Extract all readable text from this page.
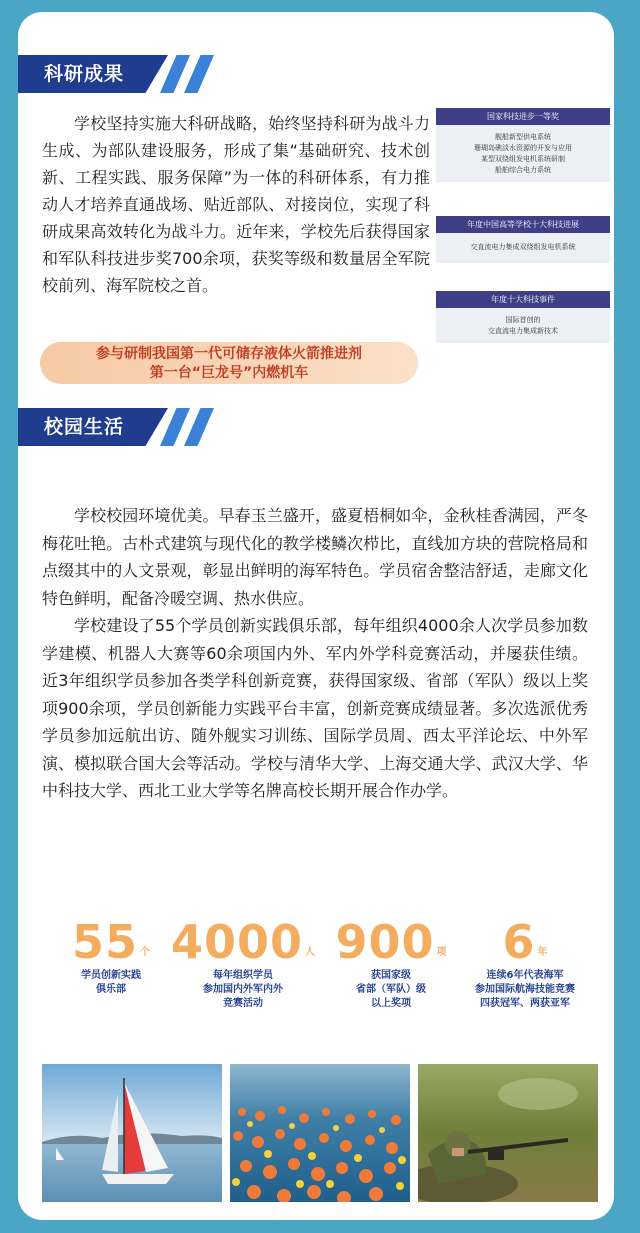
科研成果

学校坚持实施大科研战略，始终坚持科研为战斗力生成、为部队建设服务，形成了集“基础研究、技术创新、工程实践、服务保障”为一体的科研体系，有力推动人才培养直通战场、贴近部队、对接岗位，实现了科研成果高效转化为战斗力。近年来，学校先后获得国家和军队科技进步奖700余项，获奖等级和数量居全军院校前列、海军院校之首。

参与研制我国第一代可储存液体火箭推进剂
第一台“巨龙号”内燃机车
国家科技进步一等奖
舰船新型供电系统
珊瑚岛礁淡水资源的开发与应用
某型双绕组发电机系统研制
船舶综合电力系统
年度中国高等学校十大科技进展
交直流电力集成双绕组发电机系统
年度十大科技事件
国际首创的
交直流电力集成新技术
校园生活

学校校园环境优美。早春玉兰盛开，盛夏梧桐如伞，金秋桂香满园，严冬梅花吐艳。古朴式建筑与现代化的教学楼鳞次栉比，直线加方块的营院格局和点缀其中的人文景观，彰显出鲜明的海军特色。学员宿舍整洁舒适，走廊文化特色鲜明，配备冷暖空调、热水供应。

学校建设了55个学员创新实践俱乐部，每年组织4000余人次学员参加数学建模、机器人大赛等60余项国内外、军内外学科竞赛活动，并屡获佳绩。近3年组织学员参加各类学科创新竞赛，获得国家级、省部（军队）级以上奖项900余项，学员创新能力实践平台丰富，创新竞赛成绩显著。多次选派优秀学员参加远航出访、随外舰实习训练、国际学员周、西太平洋论坛、中外军演、模拟联合国大会等活动。学校与清华大学、上海交通大学、武汉大学、华中科技大学、西北工业大学等名牌高校长期开展合作办学。

55 个
学员创新实践
俱乐部
4000 人
每年组织学员
参加国内外军内外
竞赛活动
900 项
获国家级
省部（军队）级
以上奖项
6 年
连续6年代表海军
参加国际航海技能竞赛
四获冠军、两获亚军
